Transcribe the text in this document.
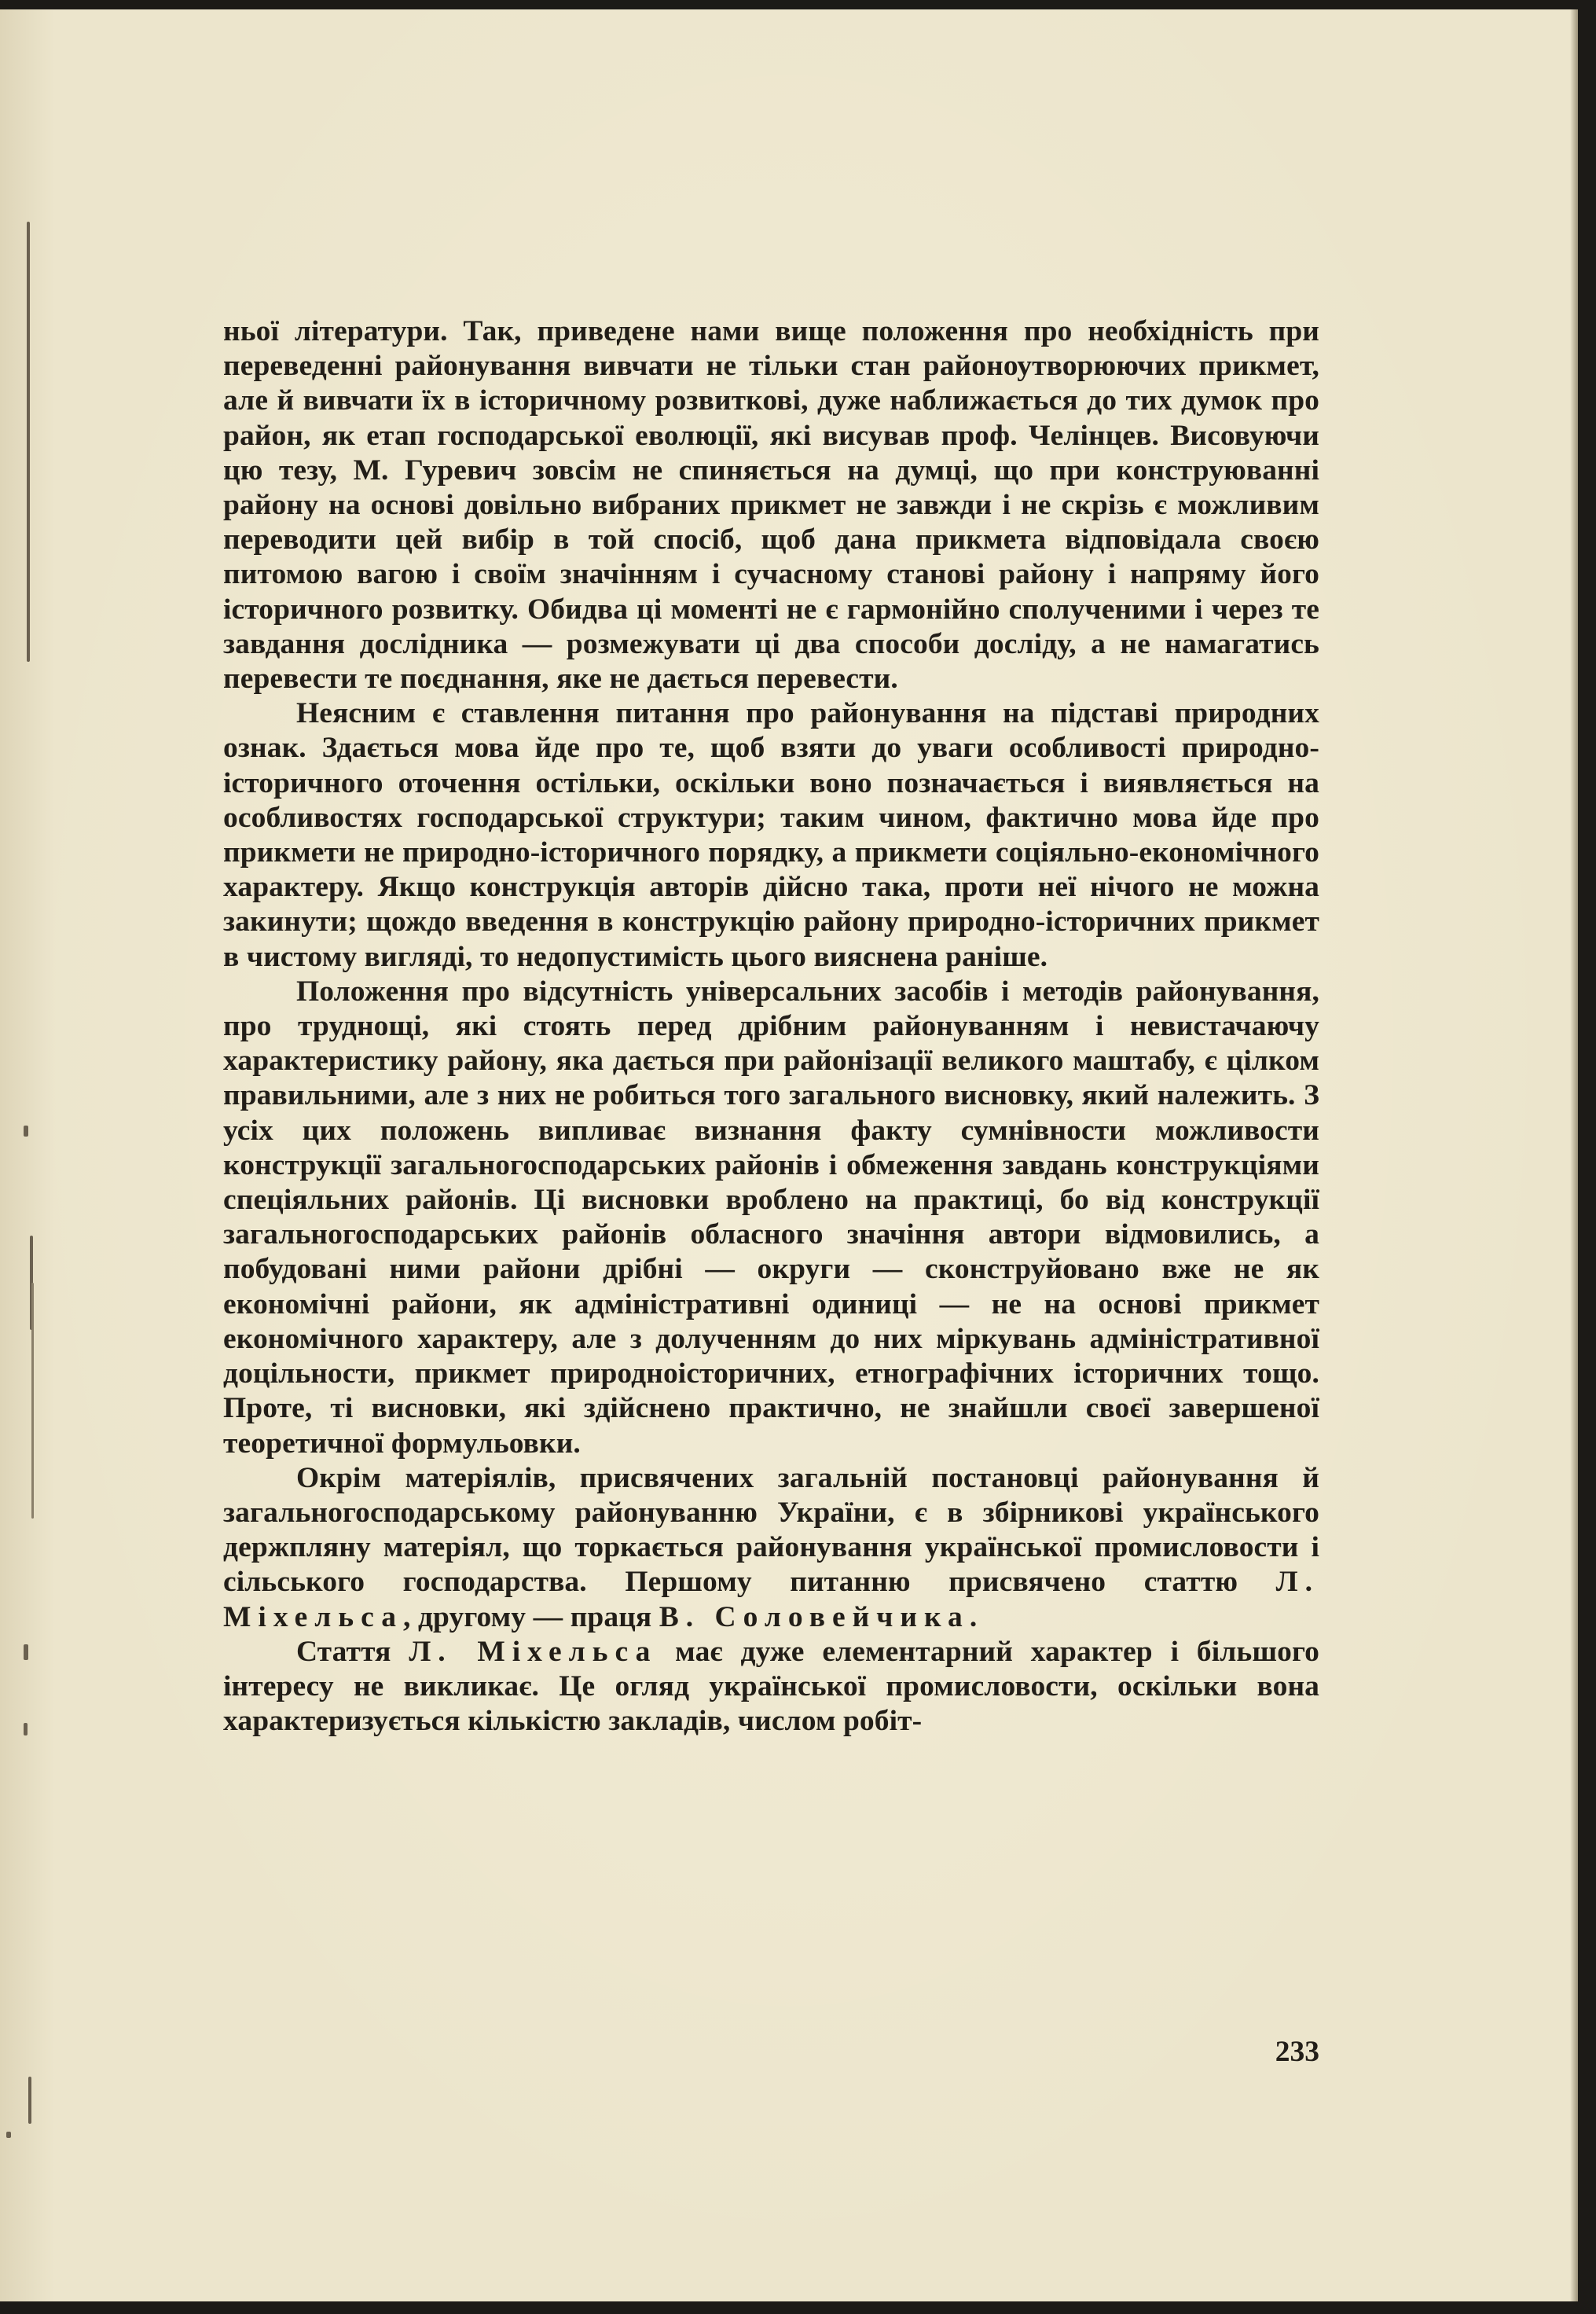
ньої літератури. Так, приведене нами вище положення про необхідність при переведенні районування вивчати не тільки стан районоутворюючих прикмет, але й вивчати їх в історичному розвиткові, дуже наближається до тих думок про район, як етап господарської еволюції, які висував проф. Челінцев. Висовуючи цю тезу, М. Гуревич зовсім не спиняється на думці, що при конструюванні району на основі довільно вибраних прикмет не завжди і не скрізь є можливим переводити цей вибір в той спосіб, щоб дана прикмета відповідала своєю питомою вагою і своїм значінням і сучасному станові району і напряму його історичного розвитку. Обидва ці моменті не є гармонійно сполученими і через те завдання дослідника — розмежувати ці два способи досліду, а не намагатись перевести те поєднання, яке не дається перевести.

Неясним є ставлення питання про районування на підставі природних ознак. Здається мова йде про те, щоб взяти до уваги особливості природно-історичного оточення остільки, оскільки воно позначається і виявляється на особливостях господарської структури; таким чином, фактично мова йде про прикмети не природно-історичного порядку, а прикмети соціяльно-економічного характеру. Якщо конструкція авторів дійсно така, проти неї нічого не можна закинути; щождо введення в конструкцію району природно-історичних прикмет в чистому вигляді, то недопустимість цього вияснена раніше.

Положення про відсутність універсальних засобів і методів районування, про труднощі, які стоять перед дрібним районуванням і невистачаючу характеристику району, яка дається при районізації великого маштабу, є цілком правильними, але з них не робиться того загального висновку, який належить. З усіх цих положень випливає визнання факту сумнівности можливости конструкції загальногосподарських районів і обмеження завдань конструкціями спеціяльних районів. Ці висновки вроблено на практиці, бо від конструкції загальногосподарських районів обласного значіння автори відмовились, а побудовані ними райони дрібні — округи — сконструйовано вже не як економічні райони, як адміністративні одиниці — не на основі прикмет економічного характеру, але з долученням до них міркувань адміністративної доцільности, прикмет природноісторичних, етнографічних історичних тощо. Проте, ті висновки, які здійснено практично, не знайшли своєї завершеної теоретичної формульовки.

Окрім матеріялів, присвячених загальній постановці районування й загальногосподарському районуванню України, є в збірникові українського держпляну матеріял, що торкається районування української промисловости і сільського господарства. Першому питанню присвячено статтю Л. Міхельса, другому — праця В. Соловейчика.

Стаття Л. Міхельса має дуже елементарний характер і більшого інтересу не викликає. Це огляд української промисловости, оскільки вона характеризується кількістю закладів, числом робіт-

233
